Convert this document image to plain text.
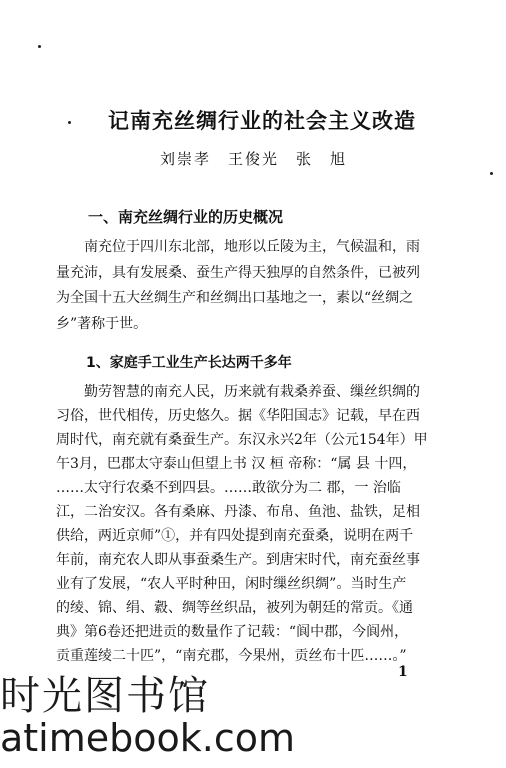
记南充丝绸行业的社会主义改造
刘崇孝　王俊光　张　旭
一、南充丝绸行业的历史概况
　　南充位于四川东北部，地形以丘陵为主，气候温和，雨
量充沛，具有发展桑、蚕生产得天独厚的自然条件，已被列
为全国十五大丝绸生产和丝绸出口基地之一，素以“丝绸之
乡”著称于世。
1、家庭手工业生产长达两千多年
　　勤劳智慧的南充人民，历来就有栽桑养蚕、缫丝织绸的
习俗，世代相传，历史悠久。据《华阳国志》记载，早在西
周时代，南充就有桑蚕生产。东汉永兴2年（公元154年）甲
午3月，巴郡太守泰山但望上书 汉 桓 帝称：“属 县 十四，
……太守行农桑不到四县。……敢欲分为二 郡，一 治临
江，二治安汉。各有桑麻、丹漆、布帛、鱼池、盐铁，足相
供给，两近京师”①，并有四处提到南充蚕桑，说明在两千
年前，南充农人即从事蚕桑生产。到唐宋时代，南充蚕丝事
业有了发展，“农人平时种田，闲时缫丝织绸”。当时生产
的绫、锦、绢、縠、绸等丝织品，被列为朝廷的常贡。《通
典》第6卷还把进贡的数量作了记载：“阆中郡，今阆州，
贡重莲绫二十匹”，“南充郡，今果州，贡丝布十匹……。”
1
时光图书馆
atimebook.com
